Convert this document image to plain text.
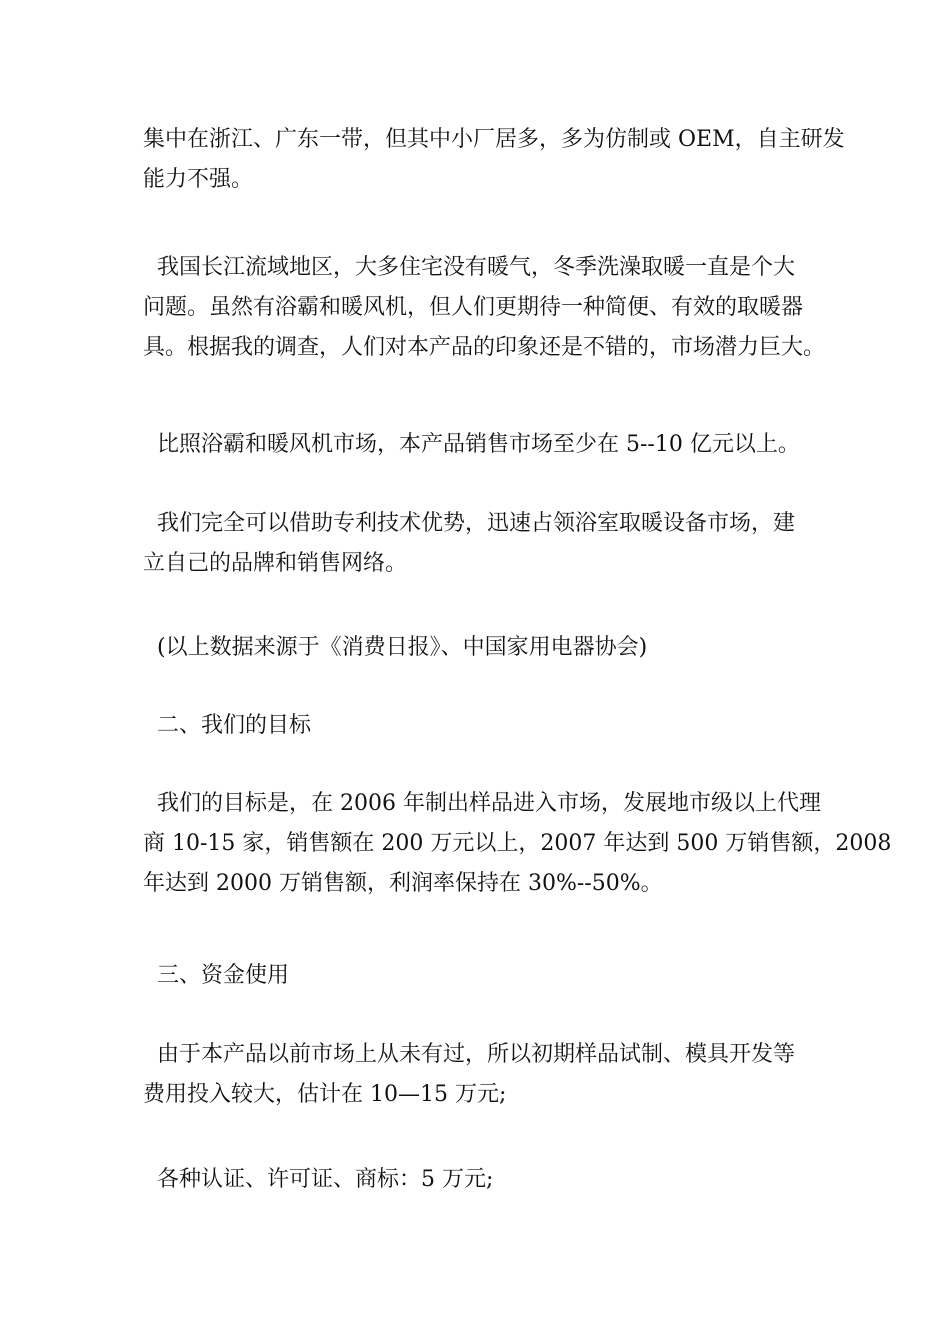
集中在浙江、广东一带，但其中小厂居多，多为仿制或 OEM，自主研发
能力不强。

我国长江流域地区，大多住宅没有暖气，冬季洗澡取暖一直是个大
问题。虽然有浴霸和暖风机，但人们更期待一种简便、有效的取暖器
具。根据我的调查，人们对本产品的印象还是不错的，市场潜力巨大。

比照浴霸和暖风机市场，本产品销售市场至少在 5--10 亿元以上。

我们完全可以借助专利技术优势，迅速占领浴室取暖设备市场，建
立自己的品牌和销售网络。

(以上数据来源于《消费日报》、中国家用电器协会)

二、我们的目标

我们的目标是，在 2006 年制出样品进入市场，发展地市级以上代理
商 10-15 家，销售额在 200 万元以上，2007 年达到 500 万销售额，2008
年达到 2000 万销售额，利润率保持在 30%--50%。

三、资金使用

由于本产品以前市场上从未有过，所以初期样品试制、模具开发等
费用投入较大，估计在 10—15 万元;

各种认证、许可证、商标：5 万元;
